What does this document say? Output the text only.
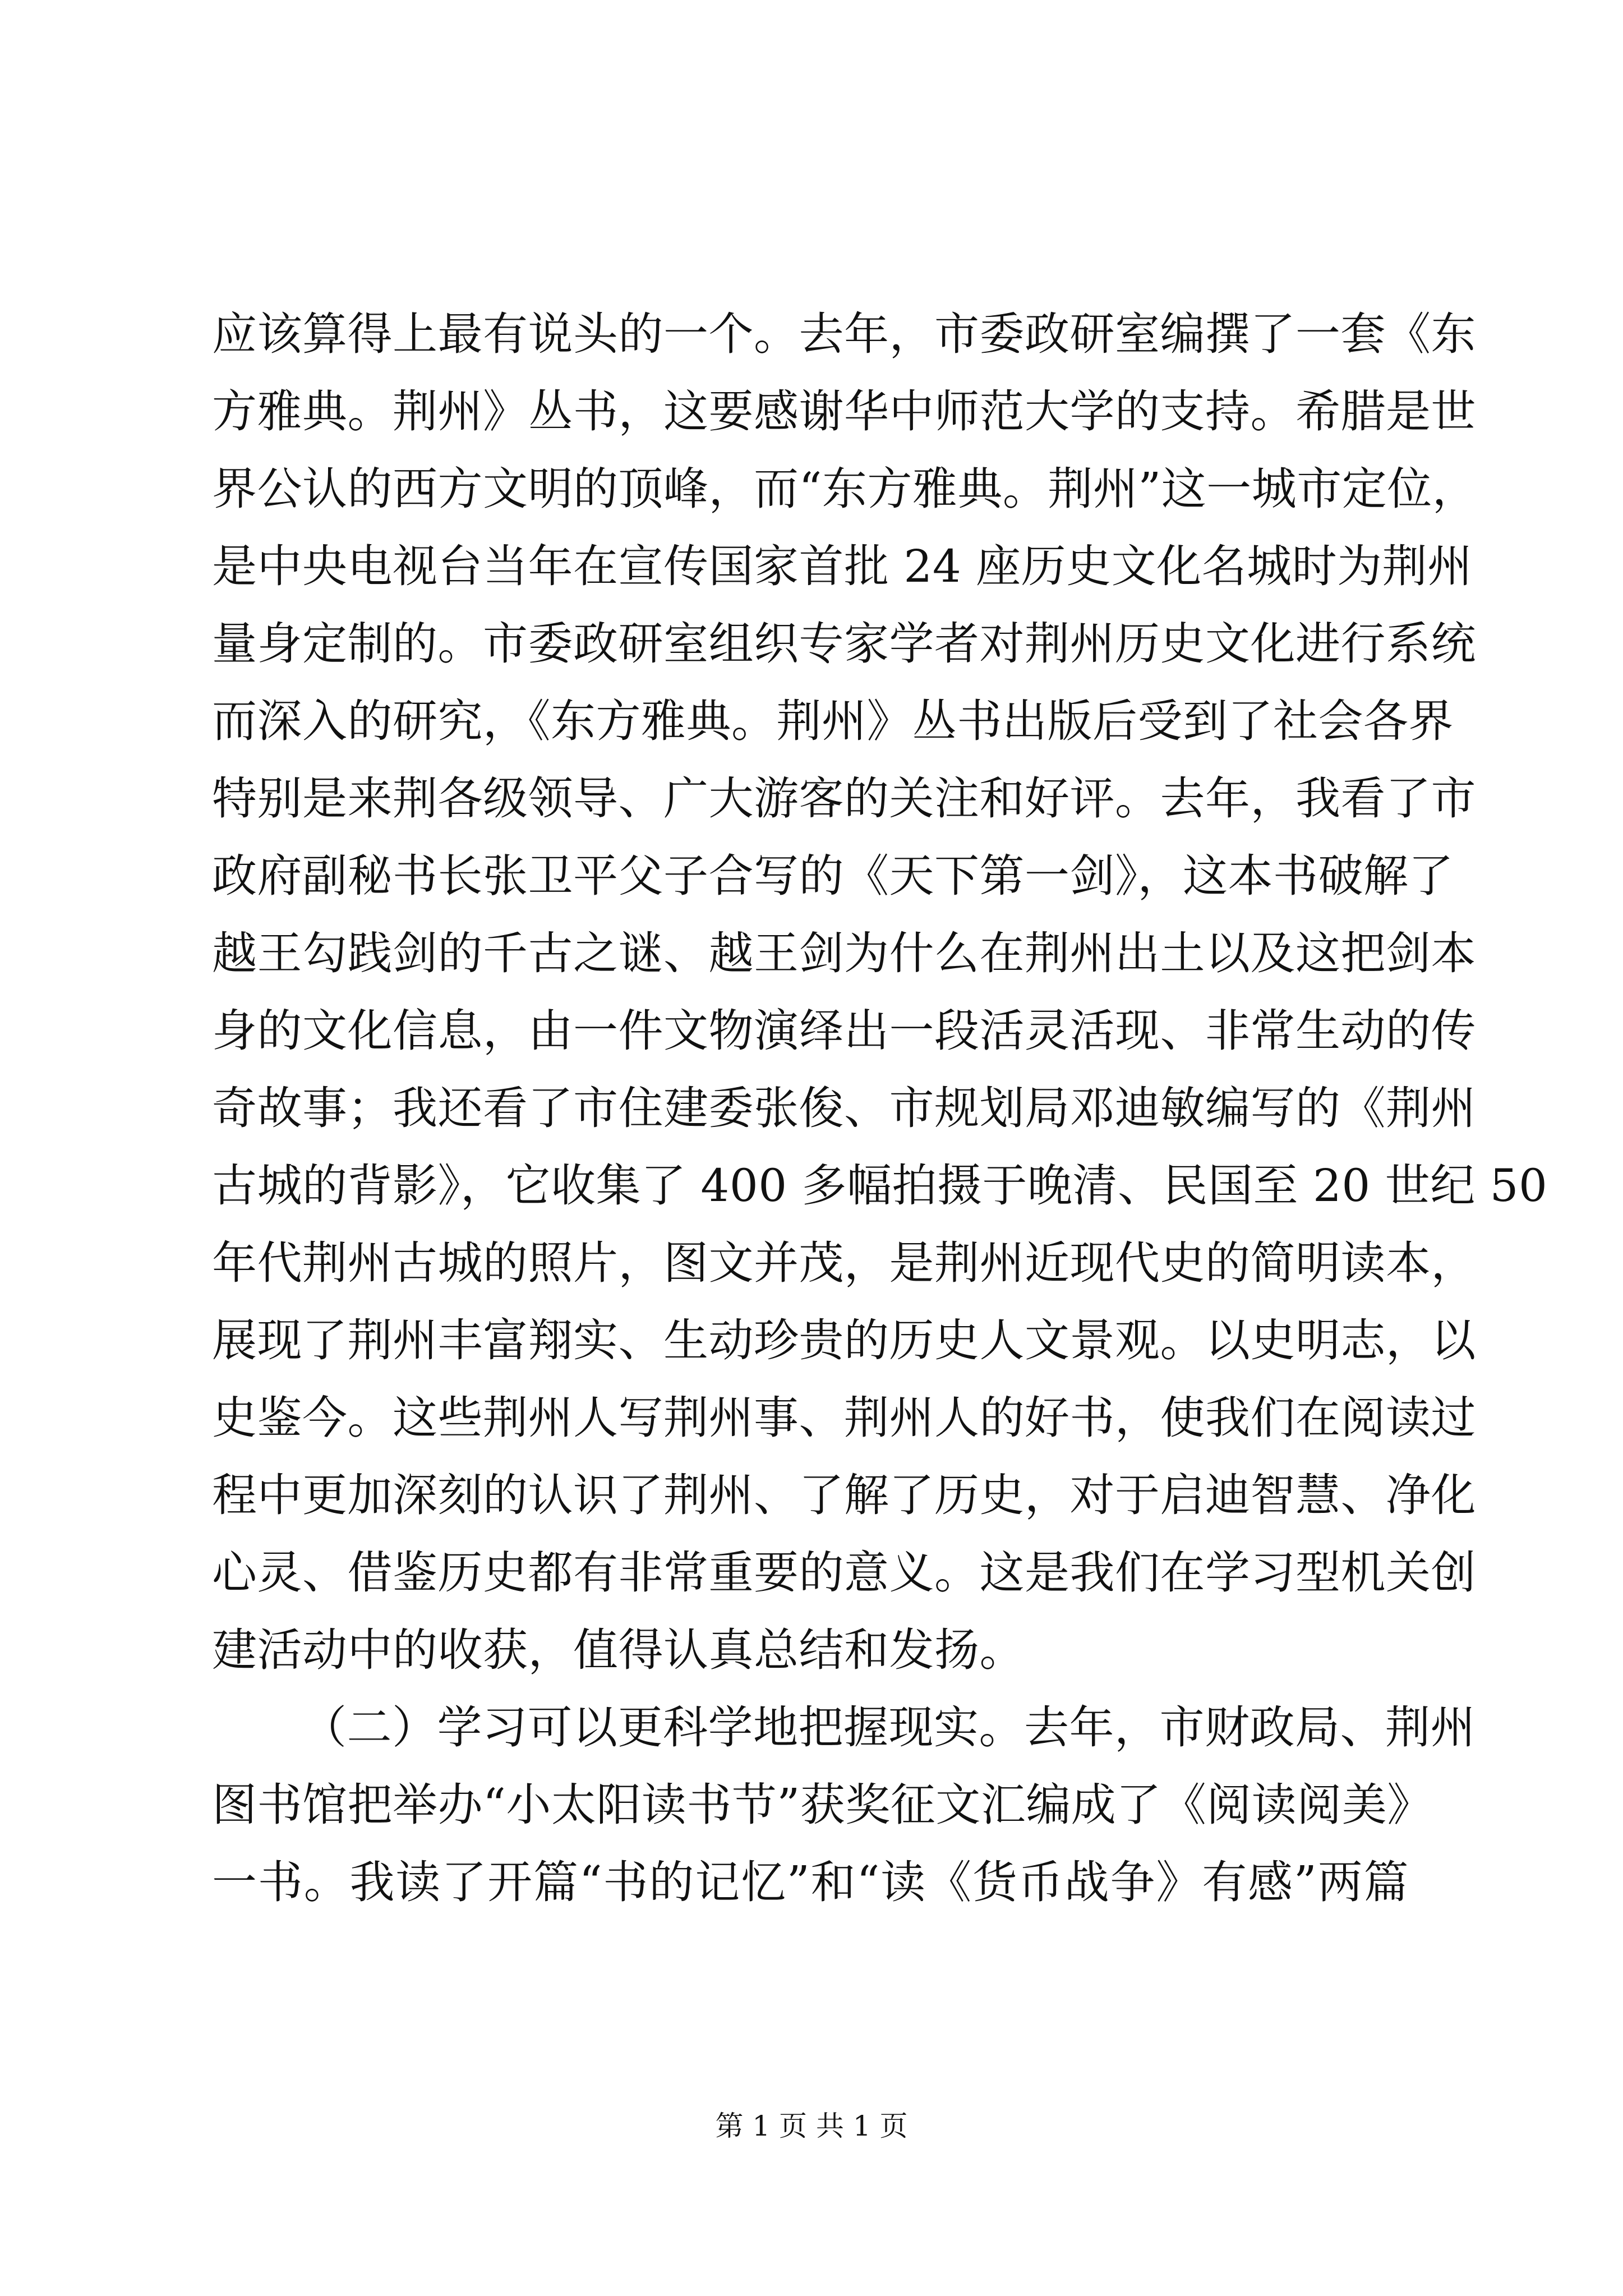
应该算得上最有说头的一个。去年，市委政研室编撰了一套《东
方雅典。荆州》丛书，这要感谢华中师范大学的支持。希腊是世
界公认的西方文明的顶峰，而“东方雅典。荆州”这一城市定位，
是中央电视台当年在宣传国家首批 24 座历史文化名城时为荆州
量身定制的。市委政研室组织专家学者对荆州历史文化进行系统
而深入的研究，《东方雅典。荆州》丛书出版后受到了社会各界
特别是来荆各级领导、广大游客的关注和好评。去年，我看了市
政府副秘书长张卫平父子合写的《天下第一剑》，这本书破解了
越王勾践剑的千古之谜、越王剑为什么在荆州出土以及这把剑本
身的文化信息，由一件文物演绎出一段活灵活现、非常生动的传
奇故事；我还看了市住建委张俊、市规划局邓迪敏编写的《荆州
古城的背影》，它收集了 400 多幅拍摄于晚清、民国至 20 世纪 50
年代荆州古城的照片，图文并茂，是荆州近现代史的简明读本，
展现了荆州丰富翔实、生动珍贵的历史人文景观。以史明志，以
史鉴今。这些荆州人写荆州事、荆州人的好书，使我们在阅读过
程中更加深刻的认识了荆州、了解了历史，对于启迪智慧、净化
心灵、借鉴历史都有非常重要的意义。这是我们在学习型机关创
建活动中的收获，值得认真总结和发扬。
（二）学习可以更科学地把握现实。去年，市财政局、荆州
图书馆把举办“小太阳读书节”获奖征文汇编成了《阅读阅美》
一书。我读了开篇“书的记忆”和“读《货币战争》有感”两篇
第 1 页 共 1 页
